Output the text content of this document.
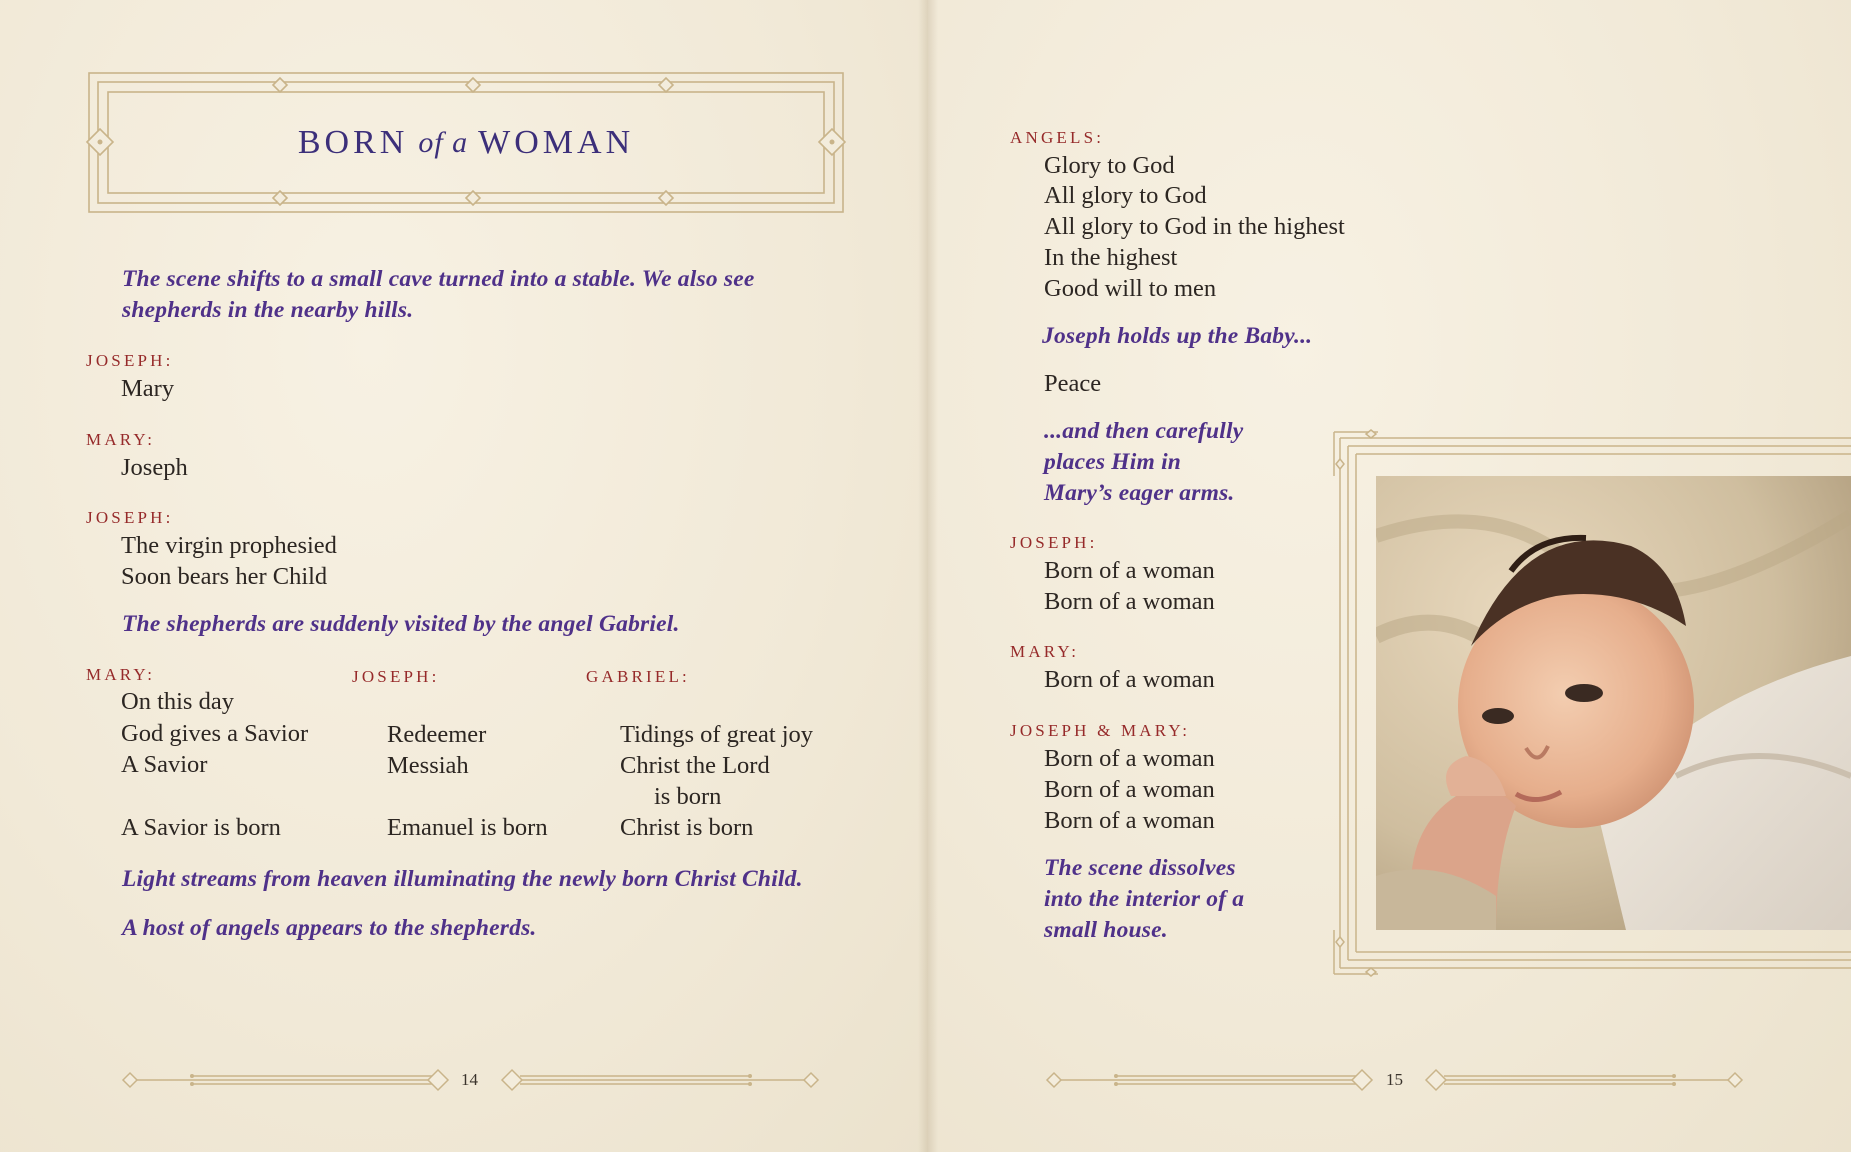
BORN of a WOMAN
The scene shifts to a small cave turned into a stable. We also see
shepherds in the nearby hills.
JOSEPH:
Mary
MARY:
Joseph
JOSEPH:
The virgin prophesied
Soon bears her Child
The shepherds are suddenly visited by the angel Gabriel.
MARY:	JOSEPH:	GABRIEL:
On this day
God gives a Savior
A Savior
A Savior is born
Redeemer
Messiah
Emanuel is born
Tidings of great joy
Christ the Lord
is born
Christ is born
Light streams from heaven illuminating the newly born Christ Child.
A host of angels appears to the shepherds.
14
ANGELS:
Glory to God
All glory to God
All glory to God in the highest
In the highest
Good will to men
Joseph holds up the Baby...
Peace
...and then carefully
places Him in
Mary’s eager arms.
JOSEPH:
Born of a woman
Born of a woman
MARY:
Born of a woman
JOSEPH & MARY:
Born of a woman
Born of a woman
Born of a woman
The scene dissolves
into the interior of a
small house.
15
